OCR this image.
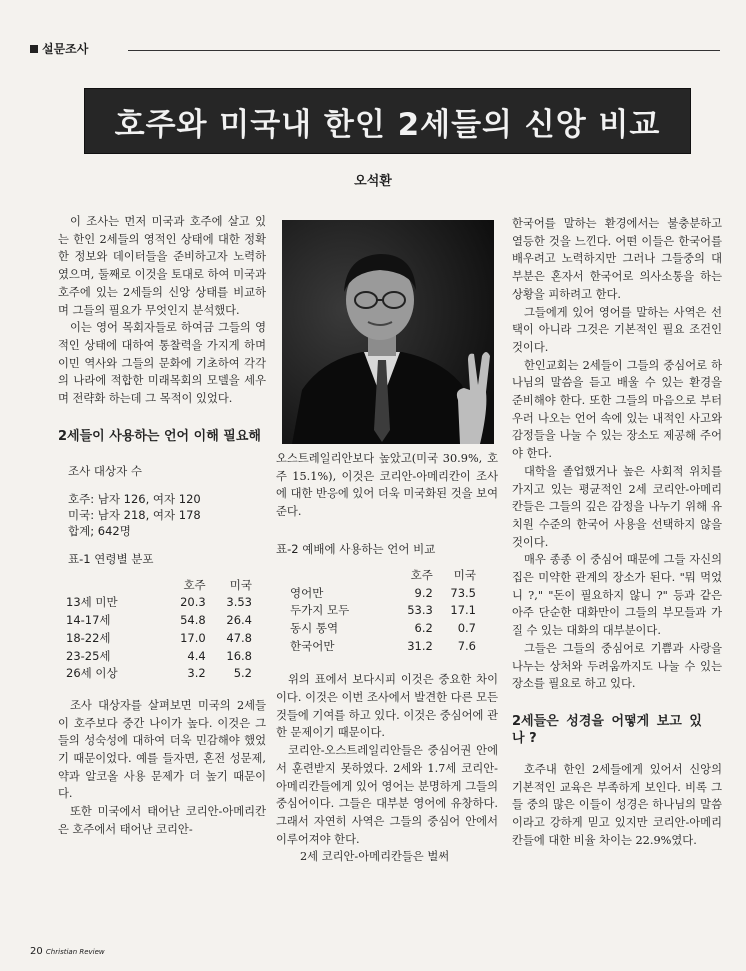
설문조사
호주와 미국내 한인 2세들의 신앙 비교
오석환

이 조사는 먼저 미국과 호주에 살고 있는 한인 2세들의 영적인 상태에 대한 정확한 정보와 데이터들을 준비하고자 노력하였으며, 둘째로 이것을 토대로 하여 미국과 호주에 있는 2세들의 신앙 상태를 비교하며 그들의 필요가 무엇인지 분석했다.

이는 영어 목회자들로 하여금 그들의 영적인 상태에 대하여 통찰력을 가지게 하며 이민 역사와 그들의 문화에 기초하여 각각의 나라에 적합한 미래목회의 모델을 세우며 전략화 하는데 그 목적이 있었다.

2세들이 사용하는 언어 이해 필요해

조사 대상자 수
호주: 남자 126, 여자 120
미국: 남자 218, 여자 178
합계; 642명
표-1 연령별 분포
	호주	미국
13세 미만	20.3	3.53
14-17세	54.8	26.4
18-22세	17.0	47.8
23-25세	4.4	16.8
26세 이상	3.2	5.2

조사 대상자를 살펴보면 미국의 2세들이 호주보다 중간 나이가 높다. 이것은 그들의 성숙성에 대하여 더욱 민감해야 했었기 때문이었다. 예를 들자면, 혼전 성문제, 약과 알코올 사용 문제가 더 높기 때문이다.

또한 미국에서 태어난 코리안-아메리칸은 호주에서 태어난 코리안-

오스트레일리안보다 높았고(미국 30.9%, 호주 15.1%), 이것은 코리안-아메리칸이 조사에 대한 반응에 있어 더욱 미국화된 것을 보여준다.

표-2 예배에 사용하는 언어 비교
	호주	미국
영어만	9.2	73.5
두가지 모두	53.3	17.1
동시 통역	6.2	0.7
한국어만	31.2	7.6

위의 표에서 보다시피 이것은 중요한 차이이다. 이것은 이번 조사에서 발견한 다른 모든 것들에 기여를 하고 있다. 이것은 중심어에 관한 문제이기 때문이다.

코리안-오스트레일리안들은 중심어권 안에서 훈련받지 못하였다. 2세와 1.7세 코리안-아메리칸들에게 있어 영어는 분명하게 그들의 중심어이다. 그들은 대부분 영어에 유창하다. 그래서 자연히 사역은 그들의 중심어 안에서 이루어져야 한다.

2세 코리안-아메리칸들은 벌써

한국어를 말하는 환경에서는 불충분하고 열등한 것을 느낀다. 어떤 이들은 한국어를 배우려고 노력하지만 그러나 그들중의 대부분은 혼자서 한국어로 의사소통을 하는 상황을 피하려고 한다.

그들에게 있어 영어를 말하는 사역은 선택이 아니라 그것은 기본적인 필요 조건인 것이다.

한인교회는 2세들이 그들의 중심어로 하나님의 말씀을 듣고 배울 수 있는 환경을 준비해야 한다. 또한 그들의 마음으로 부터 우러 나오는 언어 속에 있는 내적인 사고와 감정들을 나눌 수 있는 장소도 제공해 주어야 한다.

대학을 졸업했거나 높은 사회적 위치를 가지고 있는 평균적인 2세 코리안-아메리칸들은 그들의 깊은 감정을 나누기 위해 유치원 수준의 한국어 사용을 선택하지 않을 것이다.

매우 종종 이 중심어 때문에 그들 자신의 집은 미약한 관계의 장소가 된다. "뭐 먹었니 ?," "돈이 필요하지 않니 ?" 등과 같은 아주 단순한 대화만이 그들의 부모들과 가질 수 있는 대화의 대부분이다.

그들은 그들의 중심어로 기쁨과 사랑을 나누는 상처와 두려움까지도 나눌 수 있는 장소를 필요로 하고 있다.

2세들은 성경을 어떻게 보고 있나 ?

호주내 한인 2세들에게 있어서 신앙의 기본적인 교육은 부족하게 보인다. 비록 그들 중의 많은 이들이 성경은 하나님의 말씀이라고 강하게 믿고 있지만 코리안-아메리칸들에 대한 비율 차이는 22.9%였다.

20 Christian Review
